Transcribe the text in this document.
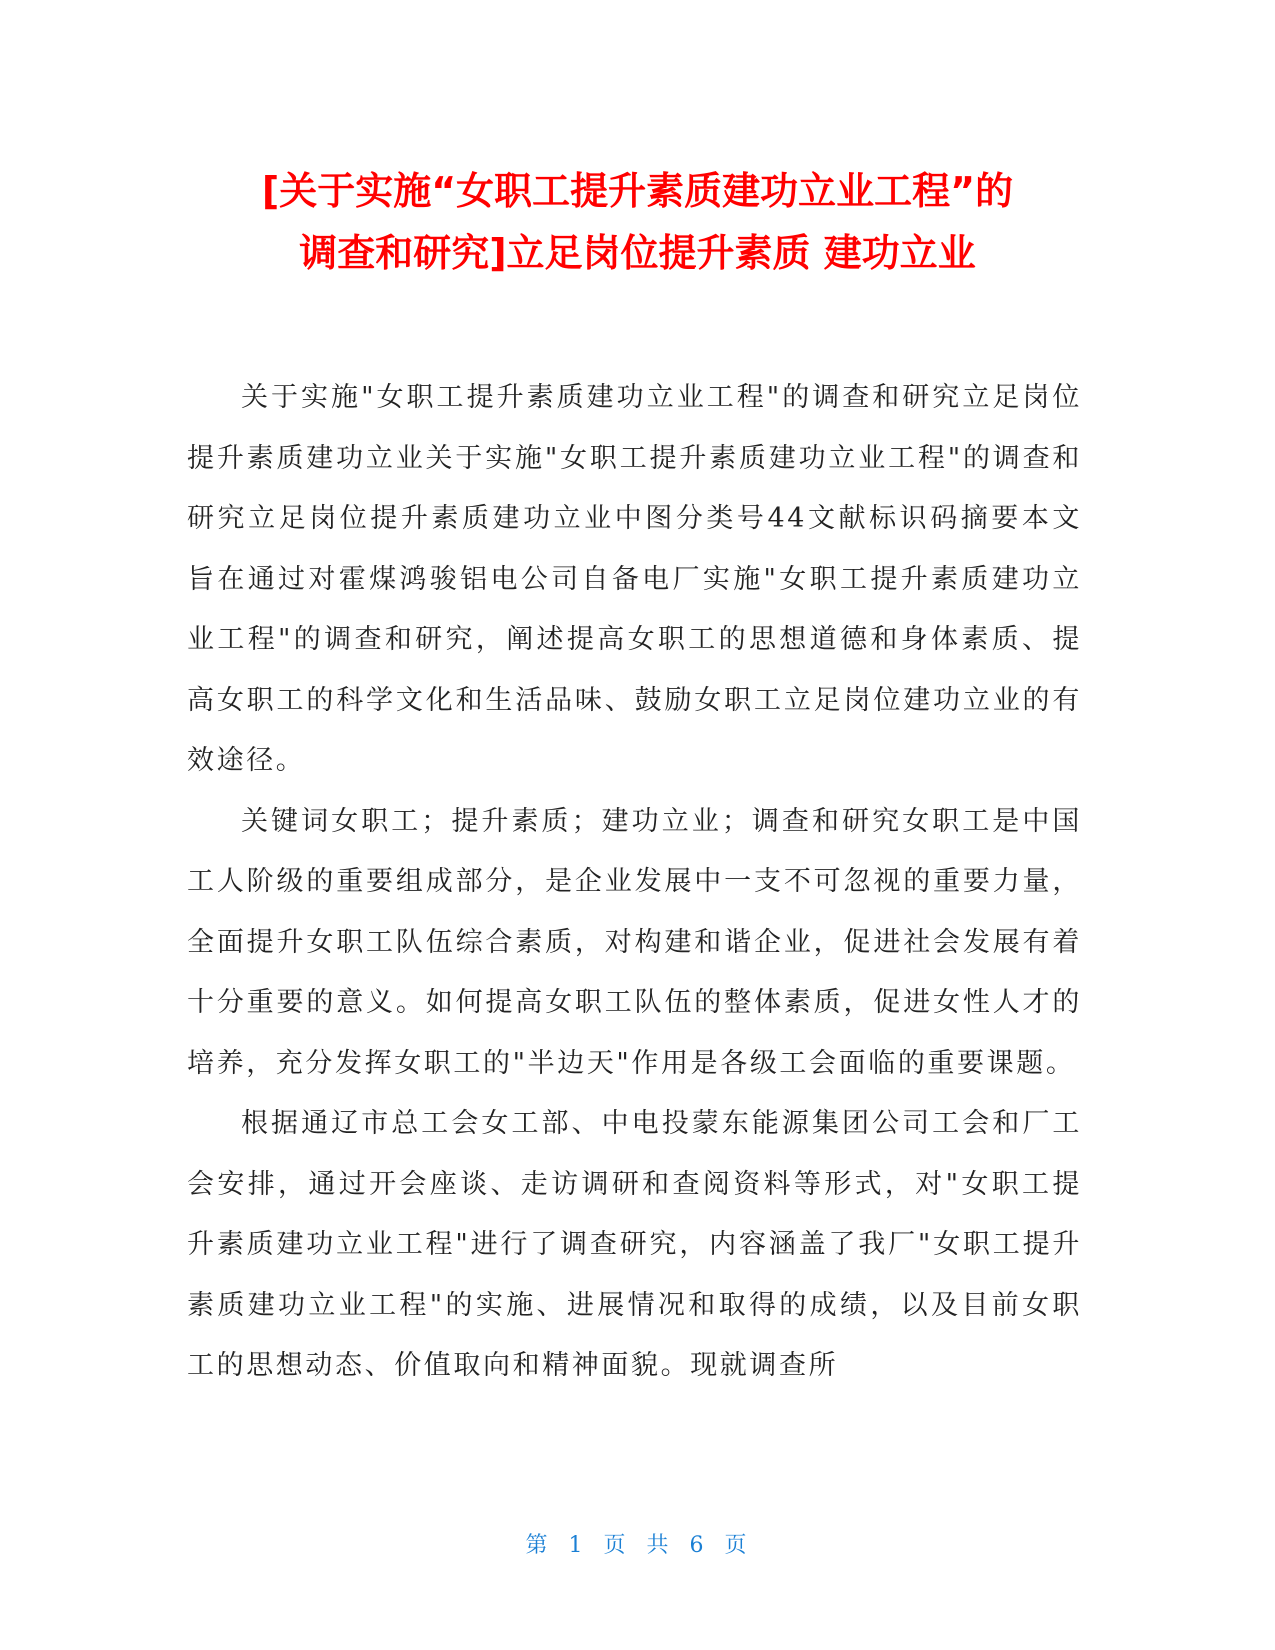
[关于实施“女职工提升素质建功立业工程”的
调查和研究]立足岗位提升素质 建功立业

关于实施"女职工提升素质建功立业工程"的调查和研究立足岗位提升素质建功立业关于实施"女职工提升素质建功立业工程"的调查和研究立足岗位提升素质建功立业中图分类号44文献标识码摘要本文旨在通过对霍煤鸿骏铝电公司自备电厂实施"女职工提升素质建功立业工程"的调查和研究，阐述提高女职工的思想道德和身体素质、提高女职工的科学文化和生活品味、鼓励女职工立足岗位建功立业的有效途径。

关键词女职工；提升素质；建功立业；调查和研究女职工是中国工人阶级的重要组成部分，是企业发展中一支不可忽视的重要力量，全面提升女职工队伍综合素质，对构建和谐企业，促进社会发展有着十分重要的意义。如何提高女职工队伍的整体素质，促进女性人才的培养，充分发挥女职工的"半边天"作用是各级工会面临的重要课题。

根据通辽市总工会女工部、中电投蒙东能源集团公司工会和厂工会安排，通过开会座谈、走访调研和查阅资料等形式，对"女职工提升素质建功立业工程"进行了调查研究，内容涵盖了我厂"女职工提升素质建功立业工程"的实施、进展情况和取得的成绩，以及目前女职工的思想动态、价值取向和精神面貌。现就调查所

第 1 页 共 6 页
